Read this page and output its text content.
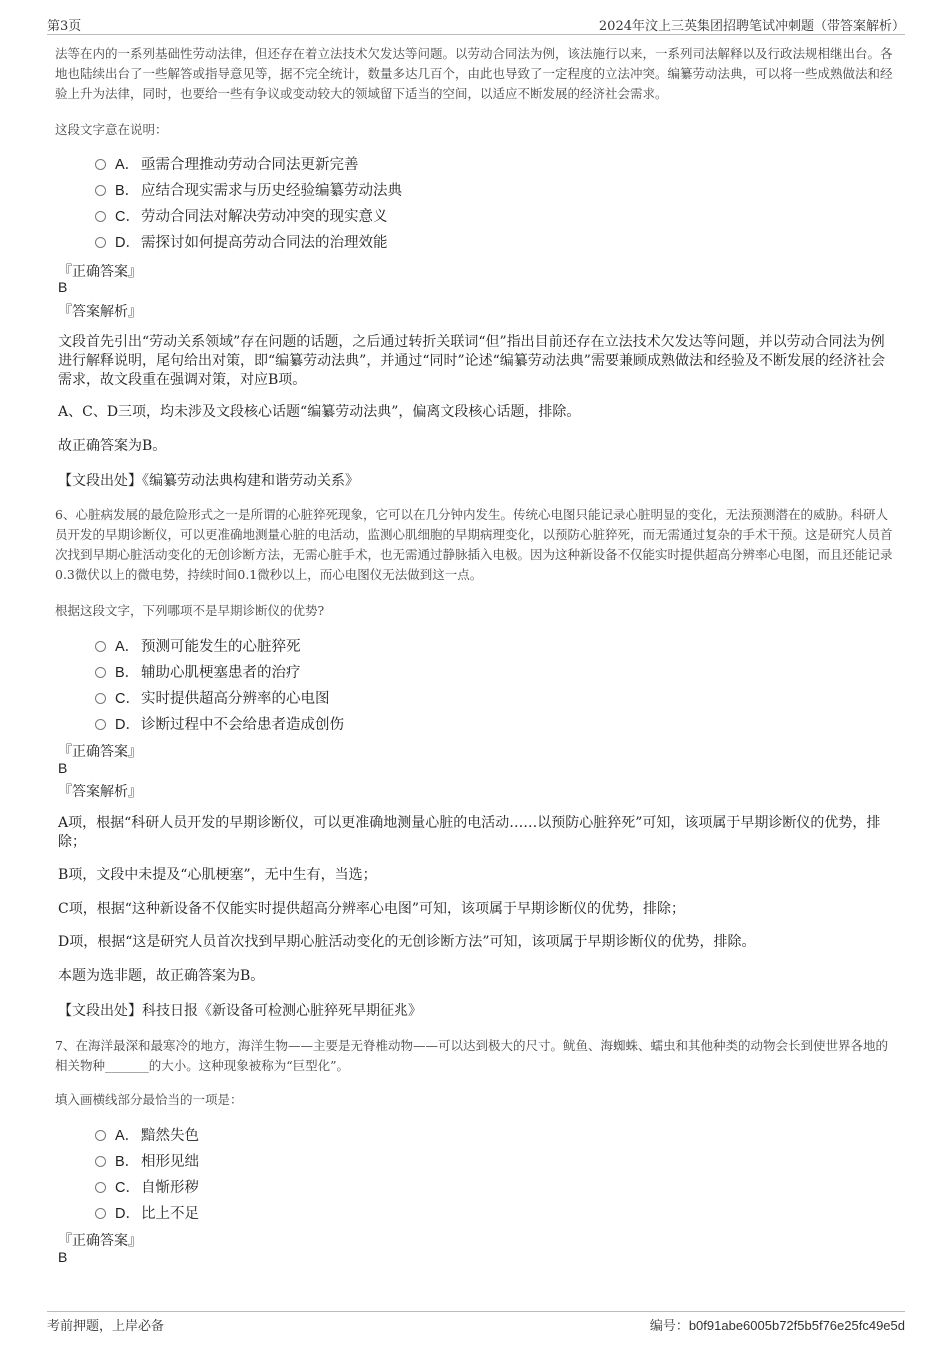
第3页	2024年汶上三英集团招聘笔试冲刺题（带答案解析）

法等在内的一系列基础性劳动法律，但还存在着立法技术欠发达等问题。以劳动合同法为例，该法施行以来，一系列司法解释以及行政法规相继出台。各地也陆续出台了一些解答或指导意见等，据不完全统计，数量多达几百个，由此也导致了一定程度的立法冲突。编纂劳动法典，可以将一些成熟做法和经验上升为法律，同时，也要给一些有争议或变动较大的领域留下适当的空间，以适应不断发展的经济社会需求。

这段文字意在说明：

A． 亟需合理推动劳动合同法更新完善
B． 应结合现实需求与历史经验编纂劳动法典
C． 劳动合同法对解决劳动冲突的现实意义
D． 需探讨如何提高劳动合同法的治理效能
『正确答案』
B
『答案解析』

文段首先引出“劳动关系领域”存在问题的话题，之后通过转折关联词“但”指出目前还存在立法技术欠发达等问题，并以劳动合同法为例进行解释说明，尾句给出对策，即“编纂劳动法典”，并通过“同时”论述“编纂劳动法典”需要兼顾成熟做法和经验及不断发展的经济社会需求，故文段重在强调对策，对应B项。

A、C、D三项，均未涉及文段核心话题“编纂劳动法典”，偏离文段核心话题，排除。

故正确答案为B。

【文段出处】《编纂劳动法典构建和谐劳动关系》

6、心脏病发展的最危险形式之一是所谓的心脏猝死现象，它可以在几分钟内发生。传统心电图只能记录心脏明显的变化，无法预测潜在的威胁。科研人员开发的早期诊断仪，可以更准确地测量心脏的电活动，监测心肌细胞的早期病理变化，以预防心脏猝死，而无需通过复杂的手术干预。这是研究人员首次找到早期心脏活动变化的无创诊断方法，无需心脏手术，也无需通过静脉插入电极。因为这种新设备不仅能实时提供超高分辨率心电图，而且还能记录0.3微伏以上的微电势，持续时间0.1微秒以上，而心电图仪无法做到这一点。

根据这段文字，下列哪项不是早期诊断仪的优势?

A． 预测可能发生的心脏猝死
B． 辅助心肌梗塞患者的治疗
C． 实时提供超高分辨率的心电图
D． 诊断过程中不会给患者造成创伤
『正确答案』
B
『答案解析』

A项，根据“科研人员开发的早期诊断仪，可以更准确地测量心脏的电活动……以预防心脏猝死”可知，该项属于早期诊断仪的优势，排除；

B项，文段中未提及“心肌梗塞”，无中生有，当选；

C项，根据“这种新设备不仅能实时提供超高分辨率心电图”可知，该项属于早期诊断仪的优势，排除；

D项，根据“这是研究人员首次找到早期心脏活动变化的无创诊断方法”可知，该项属于早期诊断仪的优势，排除。

本题为选非题，故正确答案为B。

【文段出处】科技日报《新设备可检测心脏猝死早期征兆》

7、在海洋最深和最寒冷的地方，海洋生物——主要是无脊椎动物——可以达到极大的尺寸。鱿鱼、海蜘蛛、蠕虫和其他种类的动物会长到使世界各地的相关物种_______的大小。这种现象被称为“巨型化”。

填入画横线部分最恰当的一项是：

A． 黯然失色
B． 相形见绌
C． 自惭形秽
D． 比上不足
『正确答案』
B
考前押题，上岸必备	编号：b0f91abe6005b72f5b5f76e25fc49e5d
